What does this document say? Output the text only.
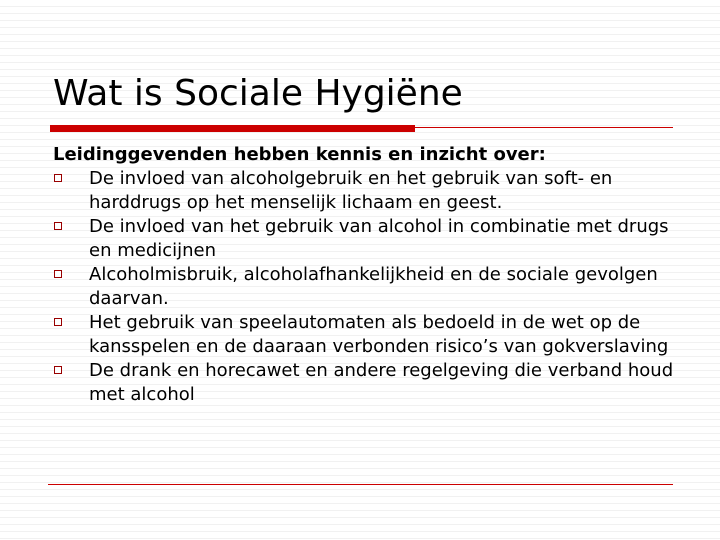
Wat is Sociale Hygiëne
Leidinggevenden hebben kennis en inzicht over:
De invloed van alcoholgebruik en het gebruik van soft- en harddrugs op het menselijk lichaam en geest.
De invloed van het gebruik van alcohol in combinatie met drugs en medicijnen
Alcoholmisbruik, alcoholafhankelijkheid en de sociale gevolgen daarvan.
Het gebruik van speelautomaten als bedoeld in de wet op de kansspelen en de daaraan verbonden risico’s van gokverslaving
De drank en horecawet en andere regelgeving die verband houd met alcohol
